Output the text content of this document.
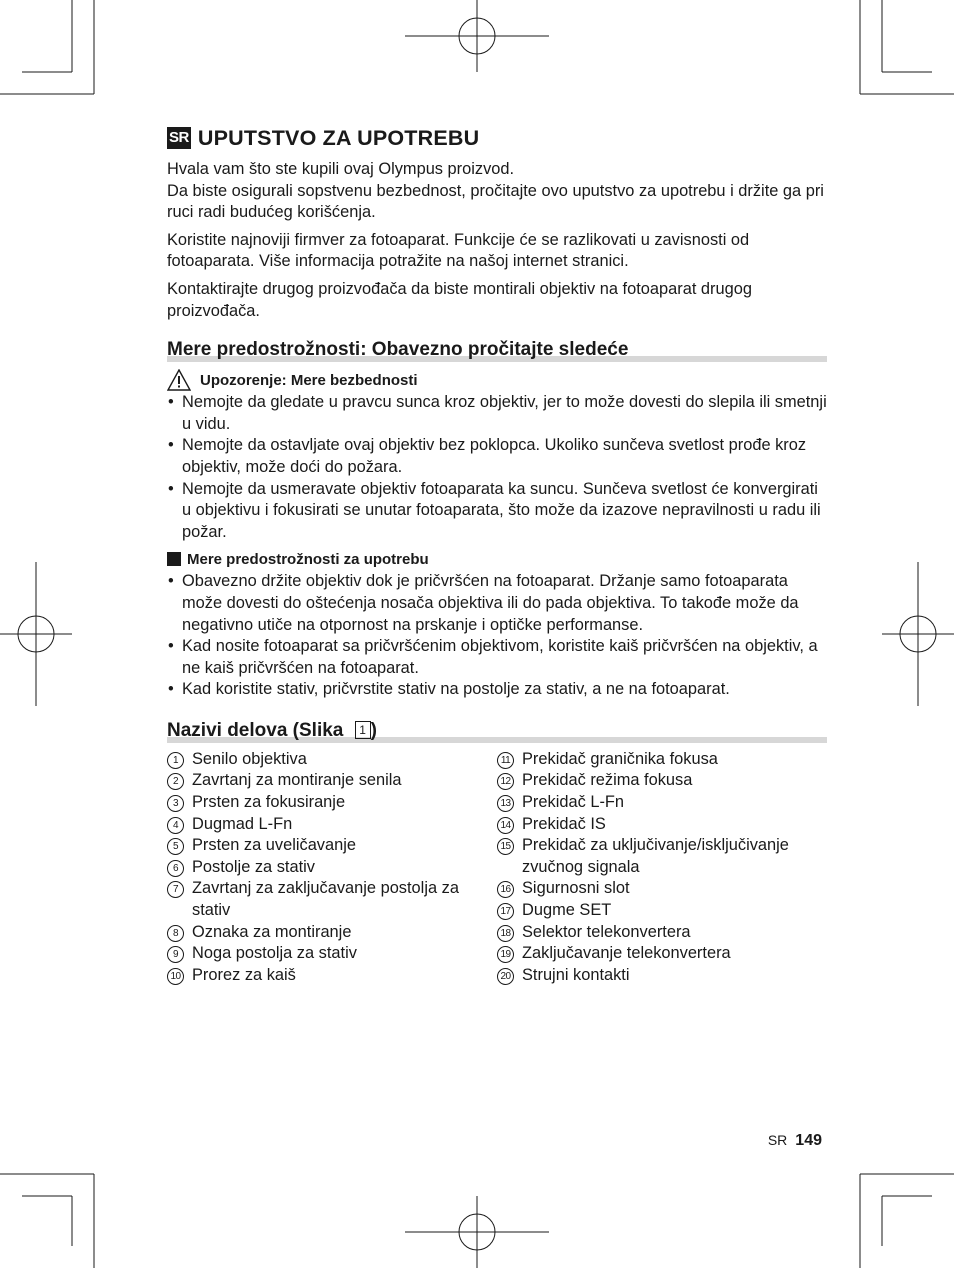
SR UPUTSTVO ZA UPOTREBU

Hvala vam što ste kupili ovaj Olympus proizvod.
Da biste osigurali sopstvenu bezbednost, pročitajte ovo uputstvo za upotrebu i držite ga pri ruci radi budućeg korišćenja.

Koristite najnoviji firmver za fotoaparat. Funkcije će se razlikovati u zavisnosti od fotoaparata. Više informacija potražite na našoj internet stranici.

Kontaktirajte drugog proizvođača da biste montirali objektiv na fotoaparat drugog proizvođača.

Mere predostrožnosti: Obavezno pročitajte sledeće
Upozorenje: Mere bezbednosti
• Nemojte da gledate u pravcu sunca kroz objektiv, jer to može dovesti do slepila ili smetnji u vidu.
• Nemojte da ostavljate ovaj objektiv bez poklopca. Ukoliko sunčeva svetlost prođe kroz objektiv, može doći do požara.
• Nemojte da usmeravate objektiv fotoaparata ka suncu. Sunčeva svetlost će konvergirati u objektivu i fokusirati se unutar fotoaparata, što može da izazove nepravilnosti u radu ili požar.
Mere predostrožnosti za upotrebu
• Obavezno držite objektiv dok je pričvršćen na fotoaparat. Držanje samo fotoaparata može dovesti do oštećenja nosača objektiva ili do pada objektiva. To takođe može da negativno utiče na otpornost na prskanje i optičke performanse.
• Kad nosite fotoaparat sa pričvršćenim objektivom, koristite kaiš pričvršćen na objektiv, a ne kaiš pričvršćen na fotoaparat.
• Kad koristite stativ, pričvrstite stativ na postolje za stativ, a ne na fotoaparat.
Nazivi delova (Slika 1 )
1 Senilo objektiva
2 Zavrtanj za montiranje senila
3 Prsten za fokusiranje
4 Dugmad L-Fn
5 Prsten za uveličavanje
6 Postolje za stativ
7 Zavrtanj za zaključavanje postolja za stativ
8 Oznaka za montiranje
9 Noga postolja za stativ
10 Prorez za kaiš
11 Prekidač graničnika fokusa
12 Prekidač režima fokusa
13 Prekidač L-Fn
14 Prekidač IS
15 Prekidač za uključivanje/isključivanje zvučnog signala
16 Sigurnosni slot
17 Dugme SET
18 Selektor telekonvertera
19 Zaključavanje telekonvertera
20 Strujni kontakti
SR 149
